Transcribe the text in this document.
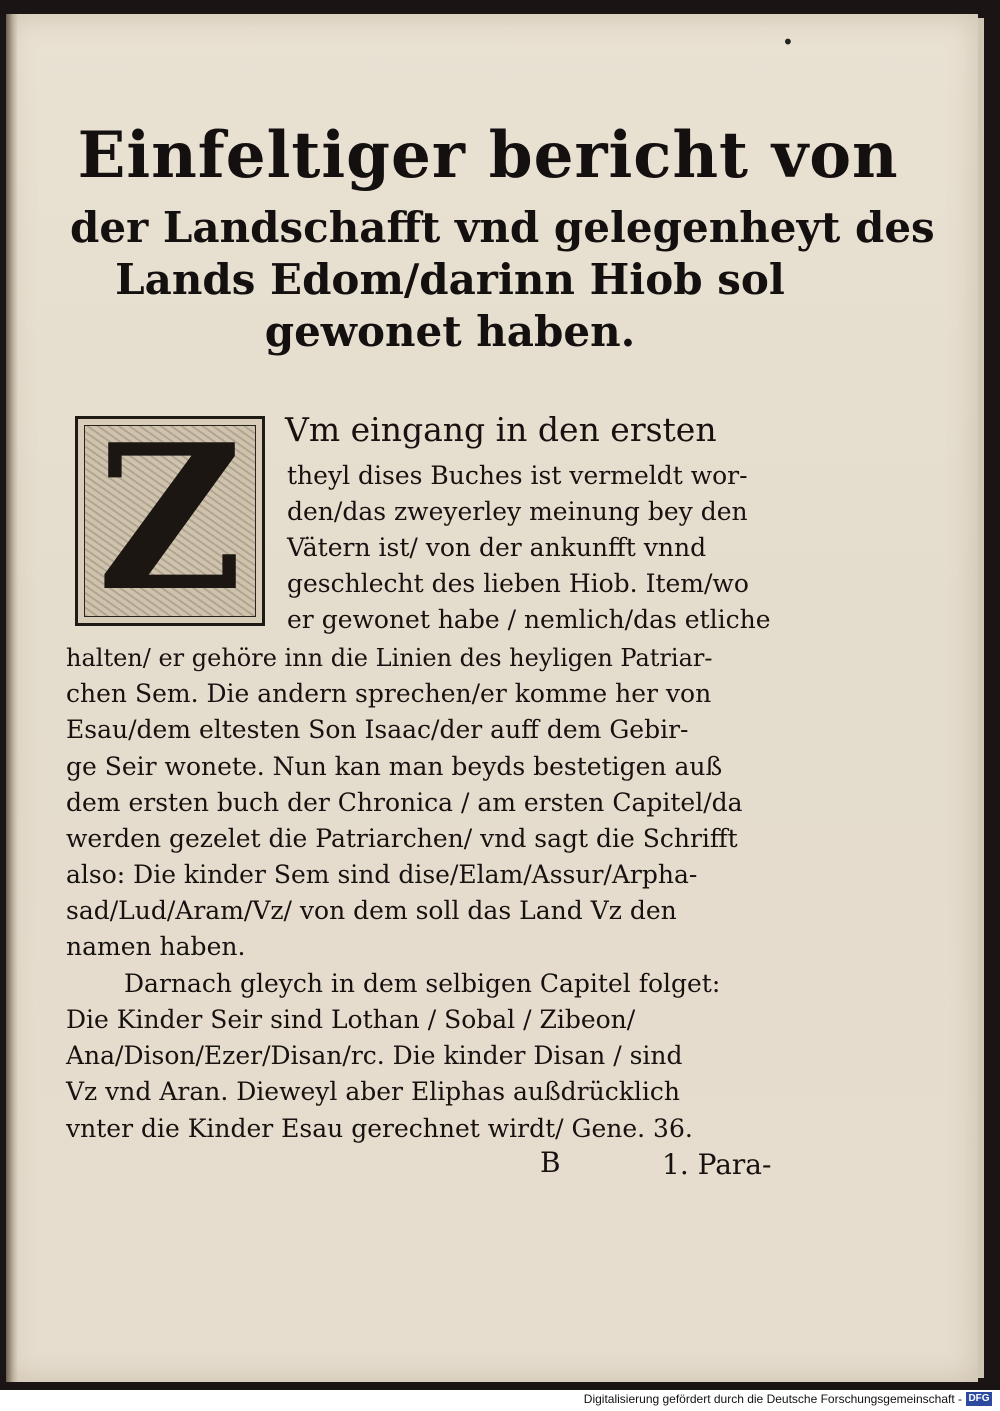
•
Einfeltiger bericht von
der Landschafft vnd gelegenheyt des
Lands Edom/darinn Hiob sol
gewonet haben.
Z	Vm eingang in den ersten
theyl dises Buches ist vermeldt wor-
den/das zweyerley meinung bey den
Vätern ist/ von der ankunfft vnnd
geschlecht des lieben Hiob. Item/wo
er gewonet habe / nemlich/das etliche
halten/ er gehöre inn die Linien des heyligen Patriar-
chen Sem. Die andern sprechen/er komme her von
Esau/dem eltesten Son Isaac/der auff dem Gebir-
ge Seir wonete. Nun kan man beyds bestetigen auß
dem ersten buch der Chronica / am ersten Capitel/da
werden gezelet die Patriarchen/ vnd sagt die Schrifft
also: Die kinder Sem sind dise/Elam/Assur/Arpha-
sad/Lud/Aram/Vz/ von dem soll das Land Vz den
namen haben.
Darnach gleych in dem selbigen Capitel folget:
Die Kinder Seir sind Lothan / Sobal / Zibeon/
Ana/Dison/Ezer/Disan/rc. Die kinder Disan / sind
Vz vnd Aran. Dieweyl aber Eliphas außdrücklich
vnter die Kinder Esau gerechnet wirdt/ Gene. 36.
B	1. Para-
Digitalisierung gefördert durch die Deutsche Forschungsgemeinschaft - DFG
